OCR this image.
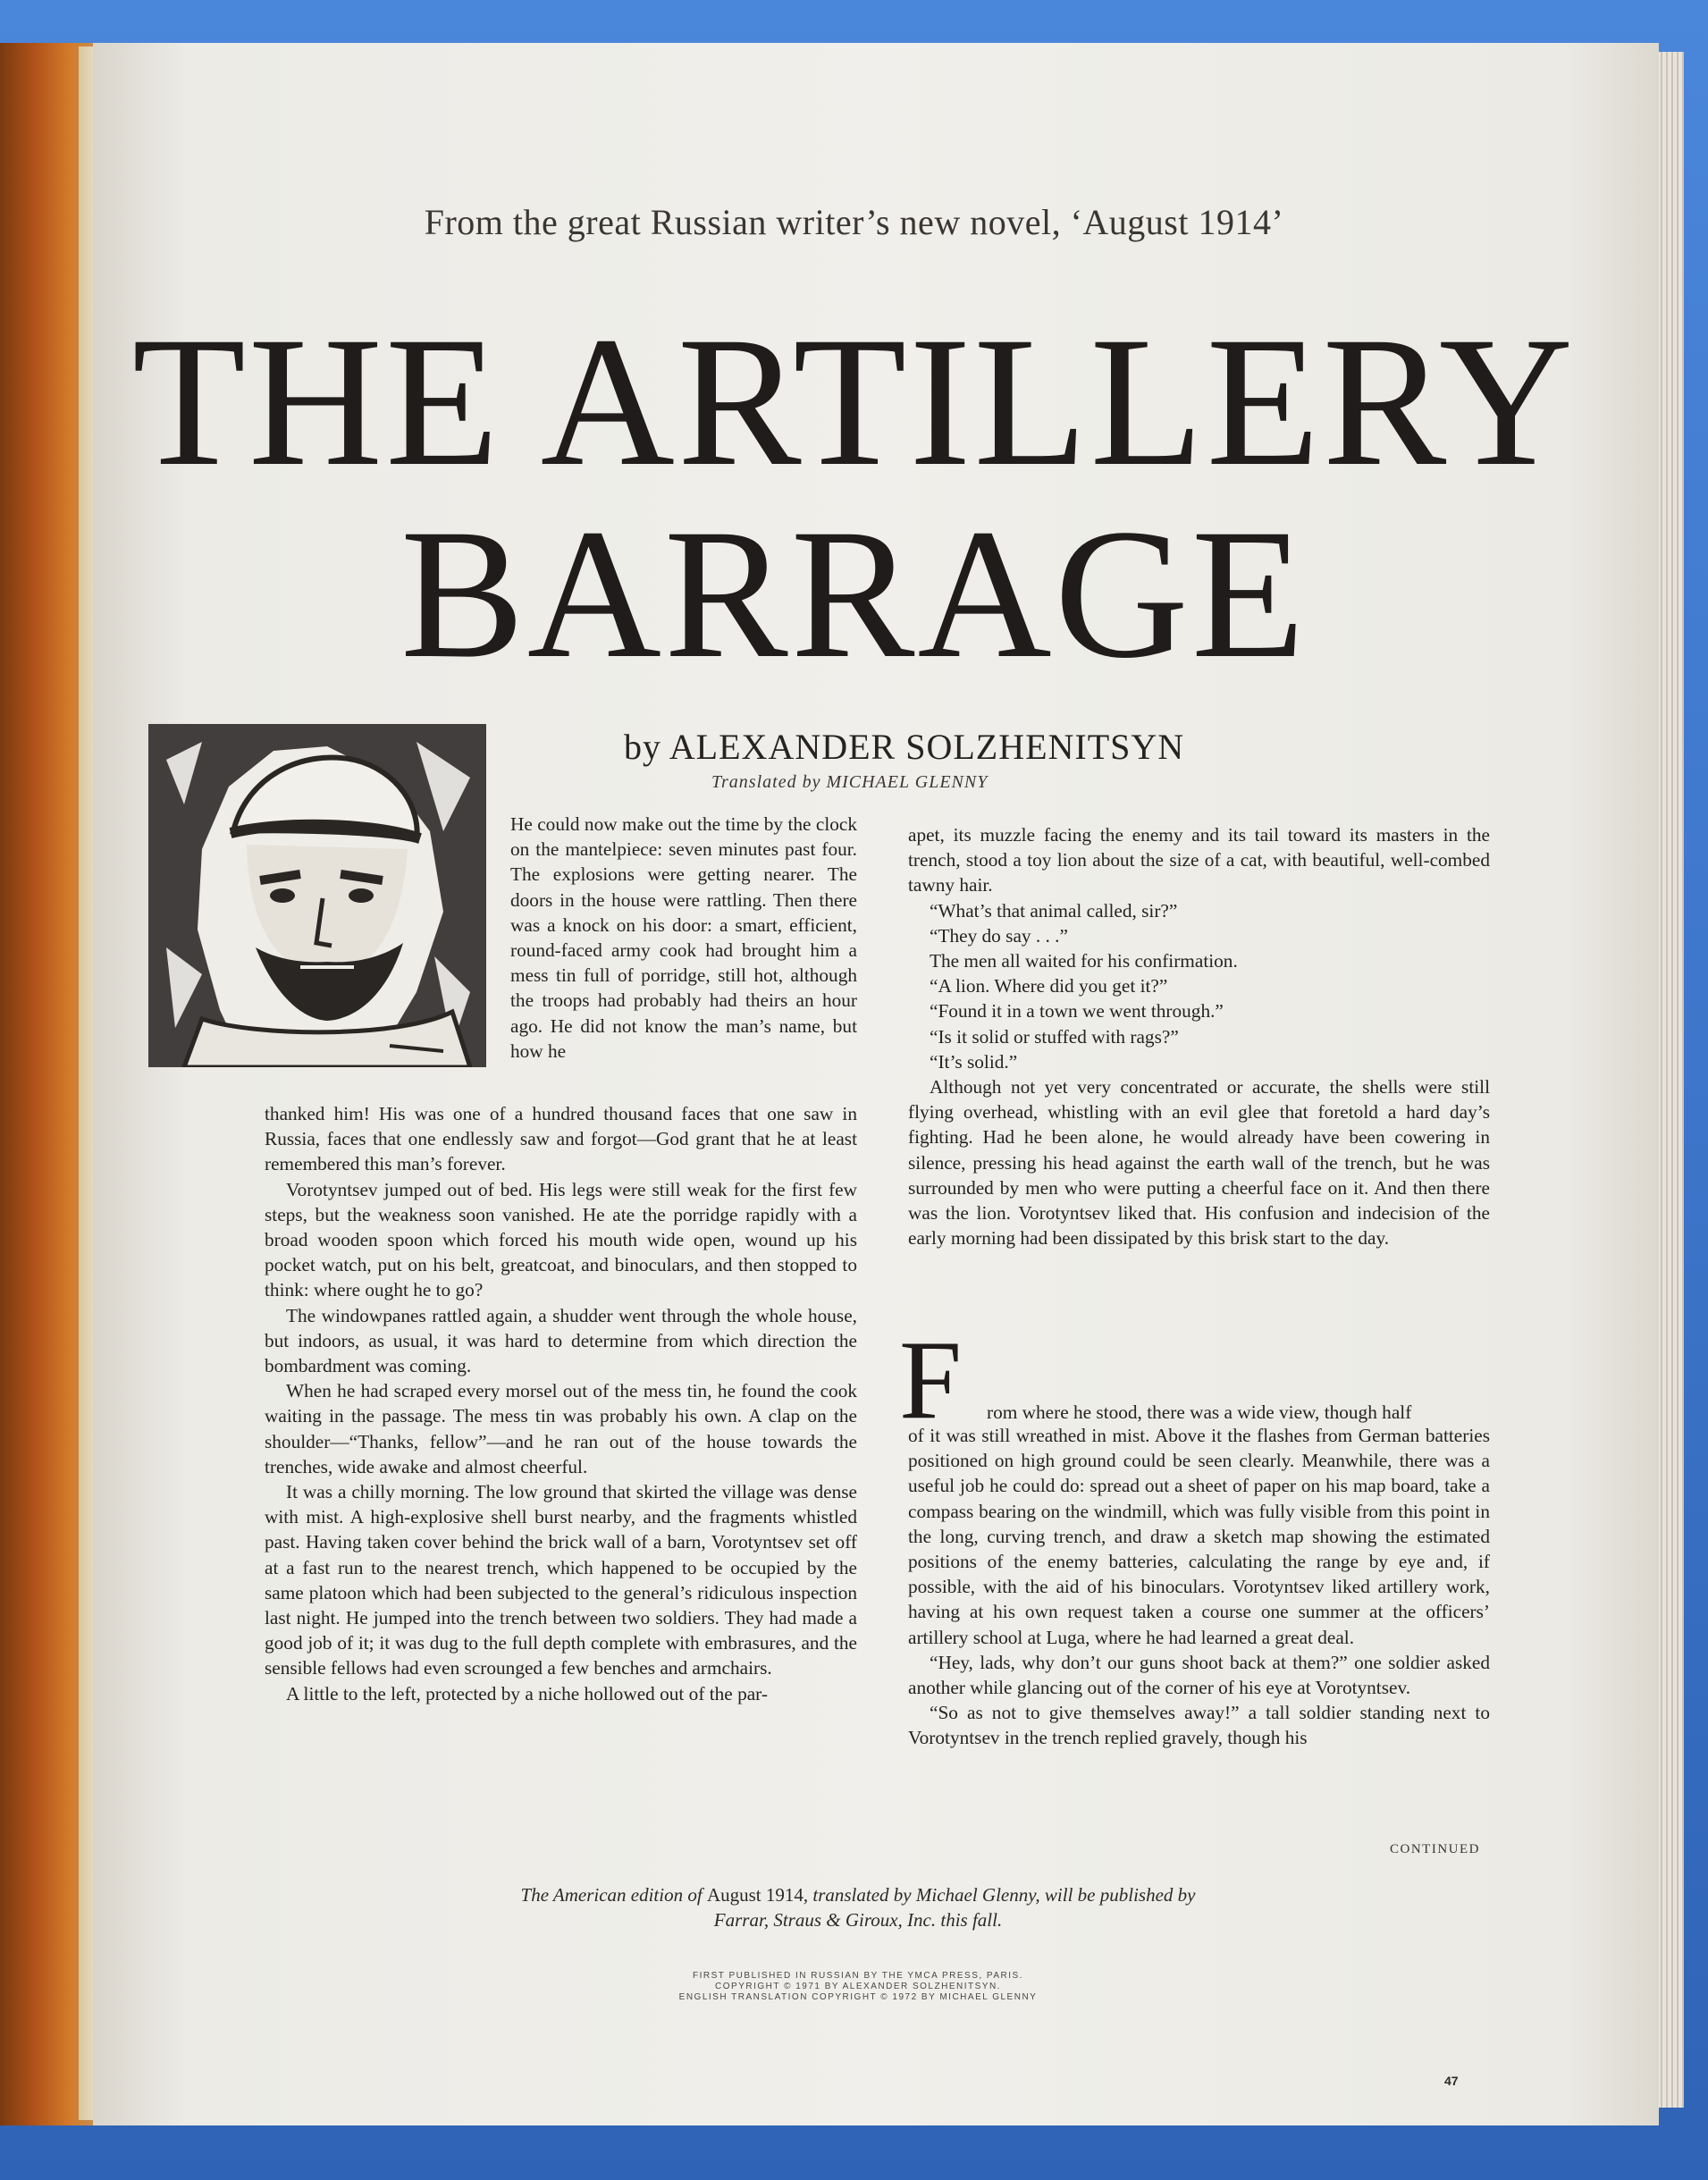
From the great Russian writer’s new novel, ‘August 1914’
THE ARTILLERY
BARRAGE
by ALEXANDER SOLZHENITSYN
Translated by MICHAEL GLENNY

He could now make out the time by the clock on the mantelpiece: seven minutes past four. The explosions were getting nearer. The doors in the house were rattling. Then there was a knock on his door: a smart, efficient, round-faced army cook had brought him a mess tin full of porridge, still hot, although the troops had probably had theirs an hour ago. He did not know the man’s name, but how he

thanked him! His was one of a hundred thousand faces that one saw in Russia, faces that one endlessly saw and forgot—God grant that he at least remembered this man’s forever.

Vorotyntsev jumped out of bed. His legs were still weak for the first few steps, but the weakness soon vanished. He ate the porridge rapidly with a broad wooden spoon which forced his mouth wide open, wound up his pocket watch, put on his belt, greatcoat, and binoculars, and then stopped to think: where ought he to go?

The windowpanes rattled again, a shudder went through the whole house, but indoors, as usual, it was hard to determine from which direction the bombardment was coming.

When he had scraped every morsel out of the mess tin, he found the cook waiting in the passage. The mess tin was probably his own. A clap on the shoulder—“Thanks, fellow”—and he ran out of the house towards the trenches, wide awake and almost cheerful.

It was a chilly morning. The low ground that skirted the village was dense with mist. A high-explosive shell burst nearby, and the fragments whistled past. Having taken cover behind the brick wall of a barn, Vorotyntsev set off at a fast run to the nearest trench, which happened to be occupied by the same platoon which had been subjected to the general’s ridiculous inspection last night. He jumped into the trench between two soldiers. They had made a good job of it; it was dug to the full depth complete with embrasures, and the sensible fellows had even scrounged a few benches and armchairs.

A little to the left, protected by a niche hollowed out of the par-

apet, its muzzle facing the enemy and its tail toward its masters in the trench, stood a toy lion about the size of a cat, with beautiful, well-combed tawny hair.

“What’s that animal called, sir?”

“They do say . . .”

The men all waited for his confirmation.

“A lion. Where did you get it?”

“Found it in a town we went through.”

“Is it solid or stuffed with rags?”

“It’s solid.”

Although not yet very concentrated or accurate, the shells were still flying overhead, whistling with an evil glee that foretold a hard day’s fighting. Had he been alone, he would already have been cowering in silence, pressing his head against the earth wall of the trench, but he was surrounded by men who were putting a cheerful face on it. And then there was the lion. Vorotyntsev liked that. His confusion and indecision of the early morning had been dissipated by this brisk start to the day.

F rom where he stood, there was a wide view, though half

of it was still wreathed in mist. Above it the flashes from German batteries positioned on high ground could be seen clearly. Meanwhile, there was a useful job he could do: spread out a sheet of paper on his map board, take a compass bearing on the windmill, which was fully visible from this point in the long, curving trench, and draw a sketch map showing the estimated positions of the enemy batteries, calculating the range by eye and, if possible, with the aid of his binoculars. Vorotyntsev liked artillery work, having at his own request taken a course one summer at the officers’ artillery school at Luga, where he had learned a great deal.

“Hey, lads, why don’t our guns shoot back at them?” one soldier asked another while glancing out of the corner of his eye at Vorotyntsev.

“So as not to give themselves away!” a tall soldier standing next to Vorotyntsev in the trench replied gravely, though his

CONTINUED
The American edition of August 1914, translated by Michael Glenny, will be published by Farrar, Straus & Giroux, Inc. this fall.
FIRST PUBLISHED IN RUSSIAN BY THE YMCA PRESS, PARIS.
COPYRIGHT © 1971 BY ALEXANDER SOLZHENITSYN.
ENGLISH TRANSLATION COPYRIGHT © 1972 BY MICHAEL GLENNY
47
